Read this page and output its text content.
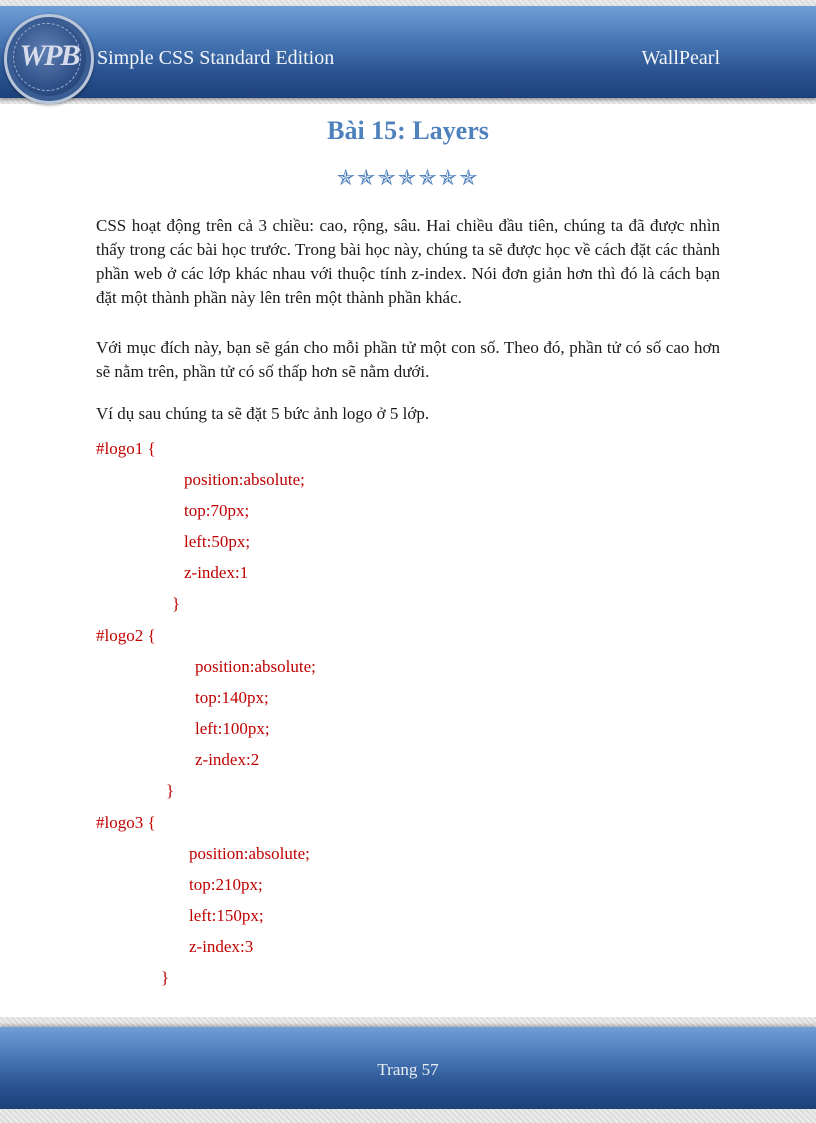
WPB Simple CSS Standard Edition	WallPearl
Bài 15: Layers
✯✯✯✯✯✯✯

CSS hoạt động trên cả 3 chiều: cao, rộng, sâu. Hai chiều đầu tiên, chúng ta đã được nhìn thấy trong các bài học trước. Trong bài học này, chúng ta sẽ được học về cách đặt các thành phần web ở các lớp khác nhau với thuộc tính z-index. Nói đơn giản hơn thì đó là cách bạn đặt một thành phần này lên trên một thành phần khác.

Với mục đích này, bạn sẽ gán cho mỗi phần tử một con số. Theo đó, phần tử có số cao hơn sẽ nằm trên, phần tử có số thấp hơn sẽ nằm dưới.

Ví dụ sau chúng ta sẽ đặt 5 bức ảnh logo ở 5 lớp.

#logo1 {
position:absolute;
top:70px;
left:50px;
z-index:1
}
#logo2 {
position:absolute;
top:140px;
left:100px;
z-index:2
}
#logo3 {
position:absolute;
top:210px;
left:150px;
z-index:3
}
Trang 57
